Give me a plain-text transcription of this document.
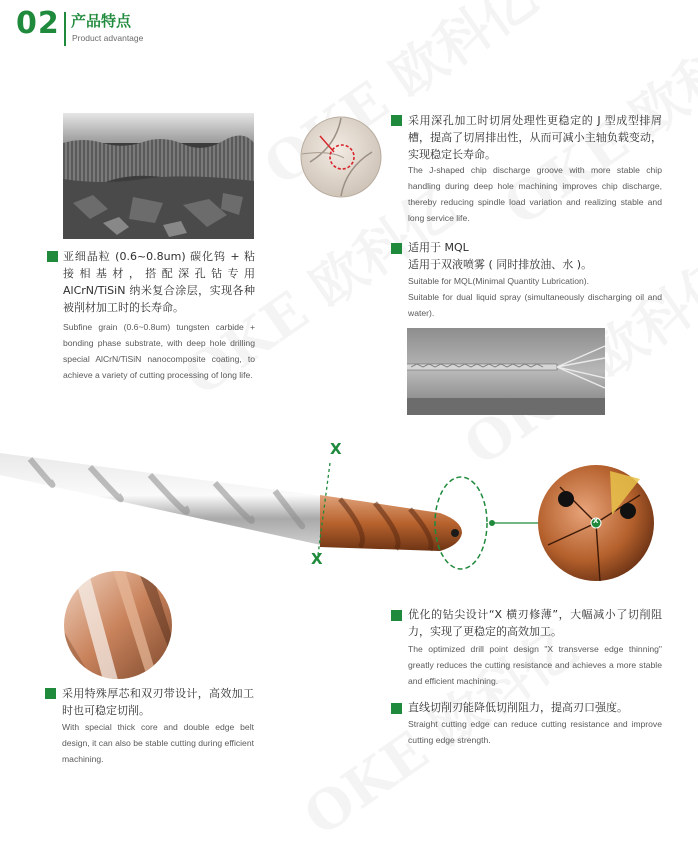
02 产品特点
Product advantage
采用深孔加工时切屑处理性更稳定的 J 型成型排屑槽，提高了切屑排出性，从而可减小主轴负载变动，实现稳定长寿命。
The J-shaped chip discharge groove with more stable chip handling during deep hole machining improves chip discharge, thereby reducing spindle load variation and realizing stable and long service life.
适用于 MQL
适用于双液喷雾 ( 同时排放油、水 )。
Suitable for MQL(Minimal Quantity Lubrication).
Suitable for dual liquid spray (simultaneously discharging oil and water).
亚细晶粒 (0.6~0.8um) 碳化钨 + 粘接相基材，搭配深孔钻专用 AlCrN/TiSiN 纳米复合涂层，实现各种被削材加工时的长寿命。
Subfine grain (0.6~0.8um) tungsten carbide + bonding phase substrate, with deep hole drilling special AlCrN/TiSiN nanocomposite coating, to achieve a variety of cutting processing of long life.
X
X
X
采用特殊厚芯和双刃带设计，高效加工时也可稳定切削。
With special thick core and double edge belt design, it can also be stable cutting during efficient machining.
优化的钻尖设计“X 横刃修薄”，大幅减小了切削阻力，实现了更稳定的高效加工。
The optimized drill point design "X transverse edge thinning" greatly reduces the cutting resistance and achieves a more stable and efficient machining.
直线切削刃能降低切削阻力，提高刃口强度。
Straight cutting edge can reduce cutting resistance and improve cutting edge strength.
